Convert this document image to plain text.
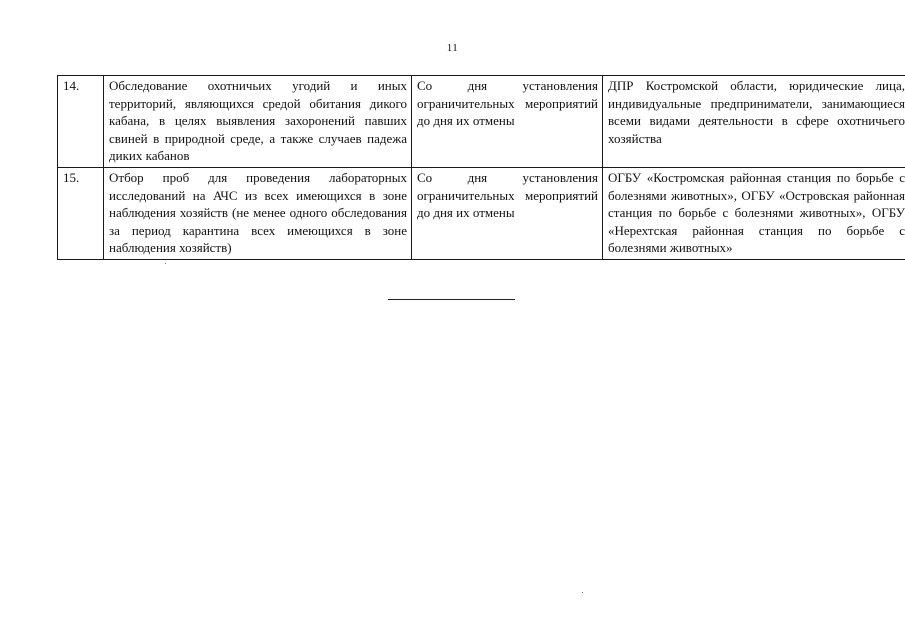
11
14.	Обследование охотничьих угодий и иных территорий, являющихся средой обитания дикого кабана, в целях выявления захоронений павших свиней в природной среде, а также случаев падежа диких кабанов	Со дня установления ограничительных мероприятий до дня их отмены	ДПР Костромской области, юридические лица, индивидуальные предприниматели, занимающиеся всеми видами деятельности в сфере охотничьего хозяйства
15.	Отбор проб для проведения лабораторных исследований на АЧС из всех имеющихся в зоне наблюдения хозяйств (не менее одного обследования за период карантина всех имеющихся в зоне наблюдения хозяйств)	Со дня установления ограничительных мероприятий до дня их отмены	ОГБУ «Костромская районная станция по борьбе с болезнями животных», ОГБУ «Островская районная станция по борьбе с болезнями животных», ОГБУ «Нерехтская районная станция по борьбе с болезнями животных»
